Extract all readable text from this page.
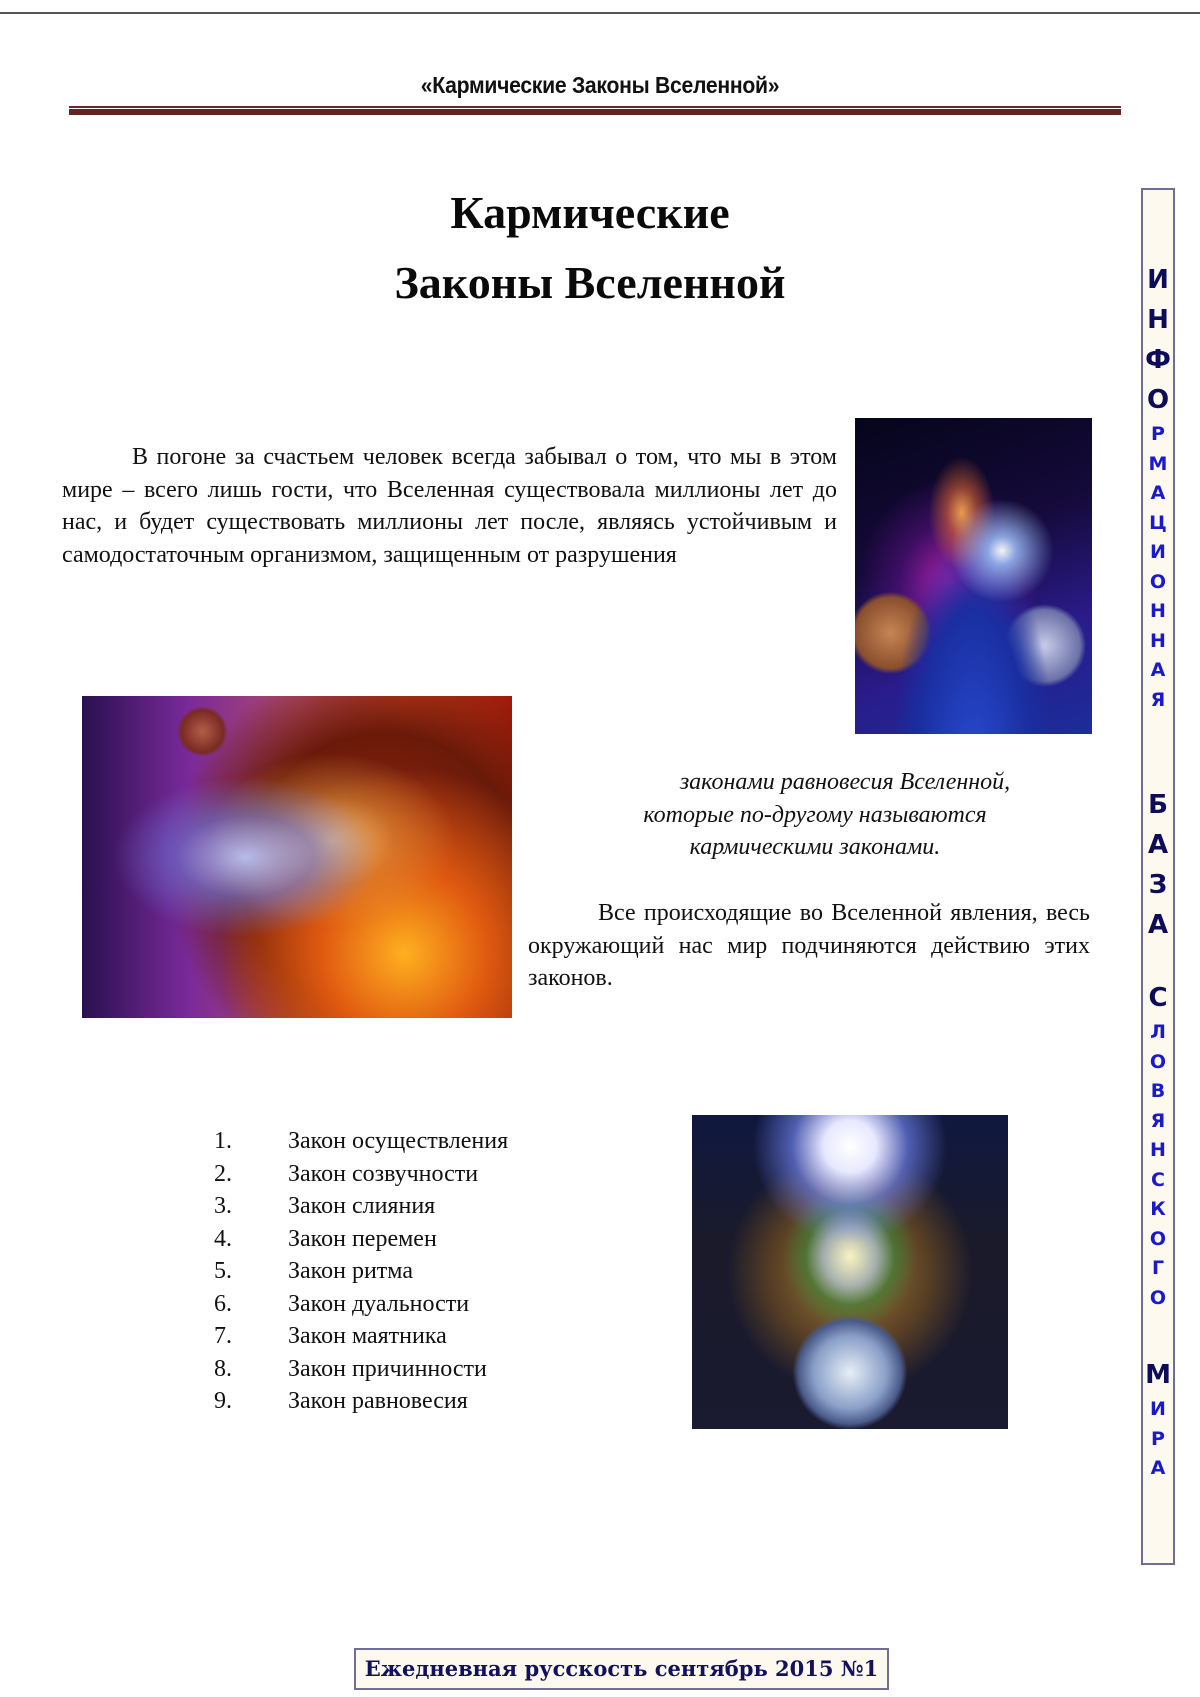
«Кармические Законы Вселенной»
Кармические
Законы Вселенной
В погоне за счастьем человек всегда забывал о том, что мы в этом мире – всего лишь гости, что Вселенная существовала миллионы лет до нас, и будет существовать миллионы лет после, являясь устойчивым и самодостаточным организмом, защищенным от разрушения
законами равновесия Вселенной,
которые по-другому называются
кармическими законами.
Все происходящие во Вселенной явления, весь окружающий нас мир подчиняются действию этих законов.
1.	Закон осуществления
2.	Закон созвучности
3.	Закон слияния
4.	Закон перемен
5.	Закон ритма
6.	Закон дуальности
7.	Закон маятника
8.	Закон причинности
9.	Закон равновесия
И
Н
Ф
О
Р
М
А
Ц
И
О
Н
Н
А
Я
Б
А
З
А
С
Л
О
В
Я
Н
С
К
О
Г
О
М
И
Р
А
Ежедневная русскость сентябрь 2015 №1
